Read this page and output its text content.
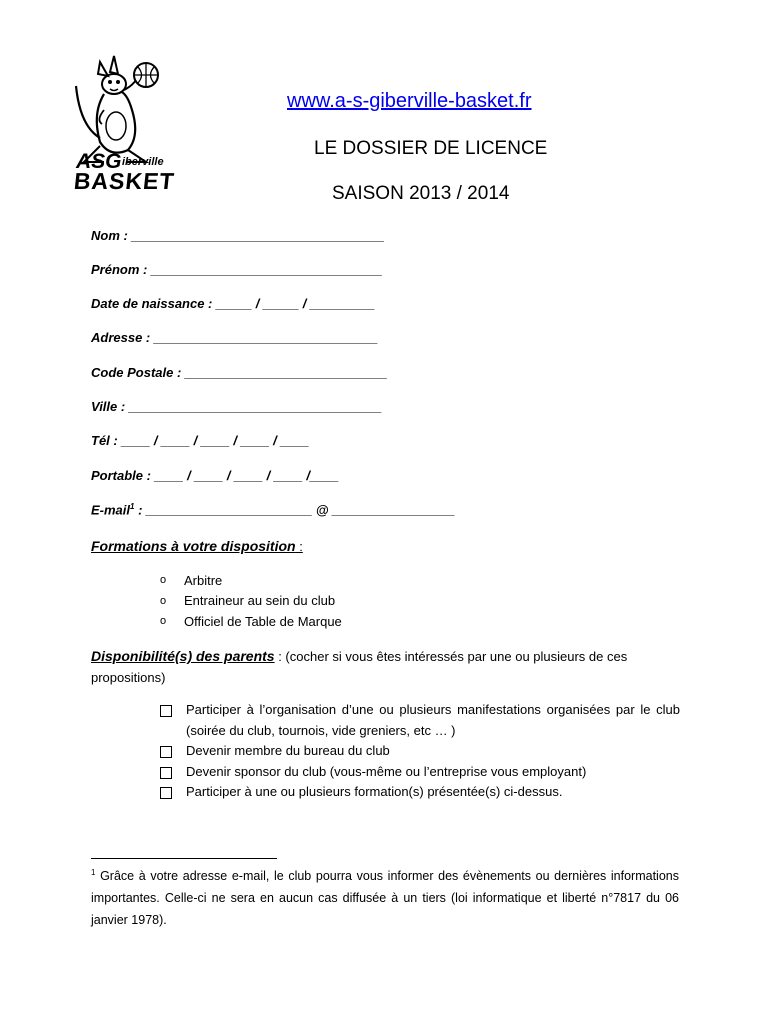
ASG iberville
BASKET
www.a-s-giberville-basket.fr
LE DOSSIER DE LICENCE
SAISON 2013 / 2014
Nom : ___________________________________
Prénom : ________________________________
Date de naissance : _____ / _____ / _________
Adresse : _______________________________
Code Postale : ____________________________
Ville : ___________________________________
Tél : ____ / ____ / ____ / ____ / ____
Portable : ____ / ____ / ____ / ____ /____
E-mail$^1$ : _______________________ @ _________________
Formations à votre disposition :
o	Arbitre
o	Entraineur au sein du club
o	Officiel de Table de Marque
Disponibilité(s) des parents : (cocher si vous êtes intéressés par une ou plusieurs de ces propositions)
Participer à l’organisation d’une ou plusieurs manifestations organisées par le club (soirée du club, tournois, vide greniers, etc … )
Devenir membre du bureau du club
Devenir sponsor du club (vous-même ou l’entreprise vous employant)
Participer à une ou plusieurs formation(s) présentée(s) ci-dessus.
$^1$ Grâce à votre adresse e-mail, le club pourra vous informer des évènements ou dernières informations importantes. Celle-ci ne sera en aucun cas diffusée à un tiers (loi informatique et liberté n°7817 du 06 janvier 1978).
